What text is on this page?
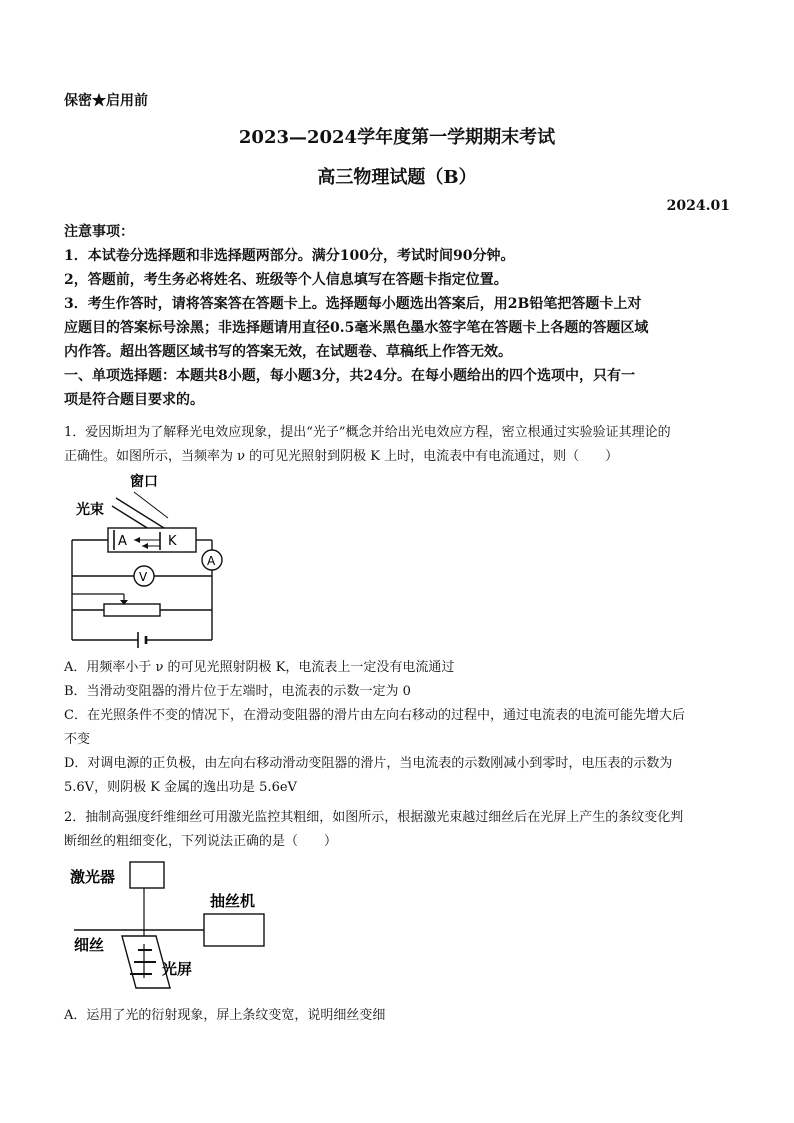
保密★启用前
2023—2024学年度第一学期期末考试
高三物理试题（B）
2024.01

注意事项：

1．本试卷分选择题和非选择题两部分。满分100分，考试时间90分钟。

2，答题前，考生务必将姓名、班级等个人信息填写在答题卡指定位置。

3．考生作答时，请将答案答在答题卡上。选择题每小题选出答案后，用2B铅笔把答题卡上对

应题目的答案标号涂黑；非选择题请用直径0.5毫米黑色墨水签字笔在答题卡上各题的答题区域

内作答。超出答题区域书写的答案无效，在试题卷、草稿纸上作答无效。

一、单项选择题：本题共8小题，每小题3分，共24分。在每小题给出的四个选项中，只有一

项是符合题目要求的。

1．爱因斯坦为了解释光电效应现象，提出“光子”概念并给出光电效应方程，密立根通过实验验证其理论的

正确性。如图所示，当频率为 ν 的可见光照射到阴极 K 上时，电流表中有电流通过，则（　　）

窗口
光束
A	K
A
V

A．用频率小于 ν 的可见光照射阴极 K，电流表上一定没有电流通过

B．当滑动变阻器的滑片位于左端时，电流表的示数一定为 0

C．在光照条件不变的情况下，在滑动变阻器的滑片由左向右移动的过程中，通过电流表的电流可能先增大后

不变

D．对调电源的正负极，由左向右移动滑动变阻器的滑片，当电流表的示数刚减小到零时，电压表的示数为

5.6V，则阴极 K 金属的逸出功是 5.6eV

2．抽制高强度纤维细丝可用激光监控其粗细，如图所示，根据激光束越过细丝后在光屏上产生的条纹变化判

断细丝的粗细变化，下列说法正确的是（　　）

激光器
抽丝机
细丝
光屏

A．运用了光的衍射现象，屏上条纹变宽，说明细丝变细
